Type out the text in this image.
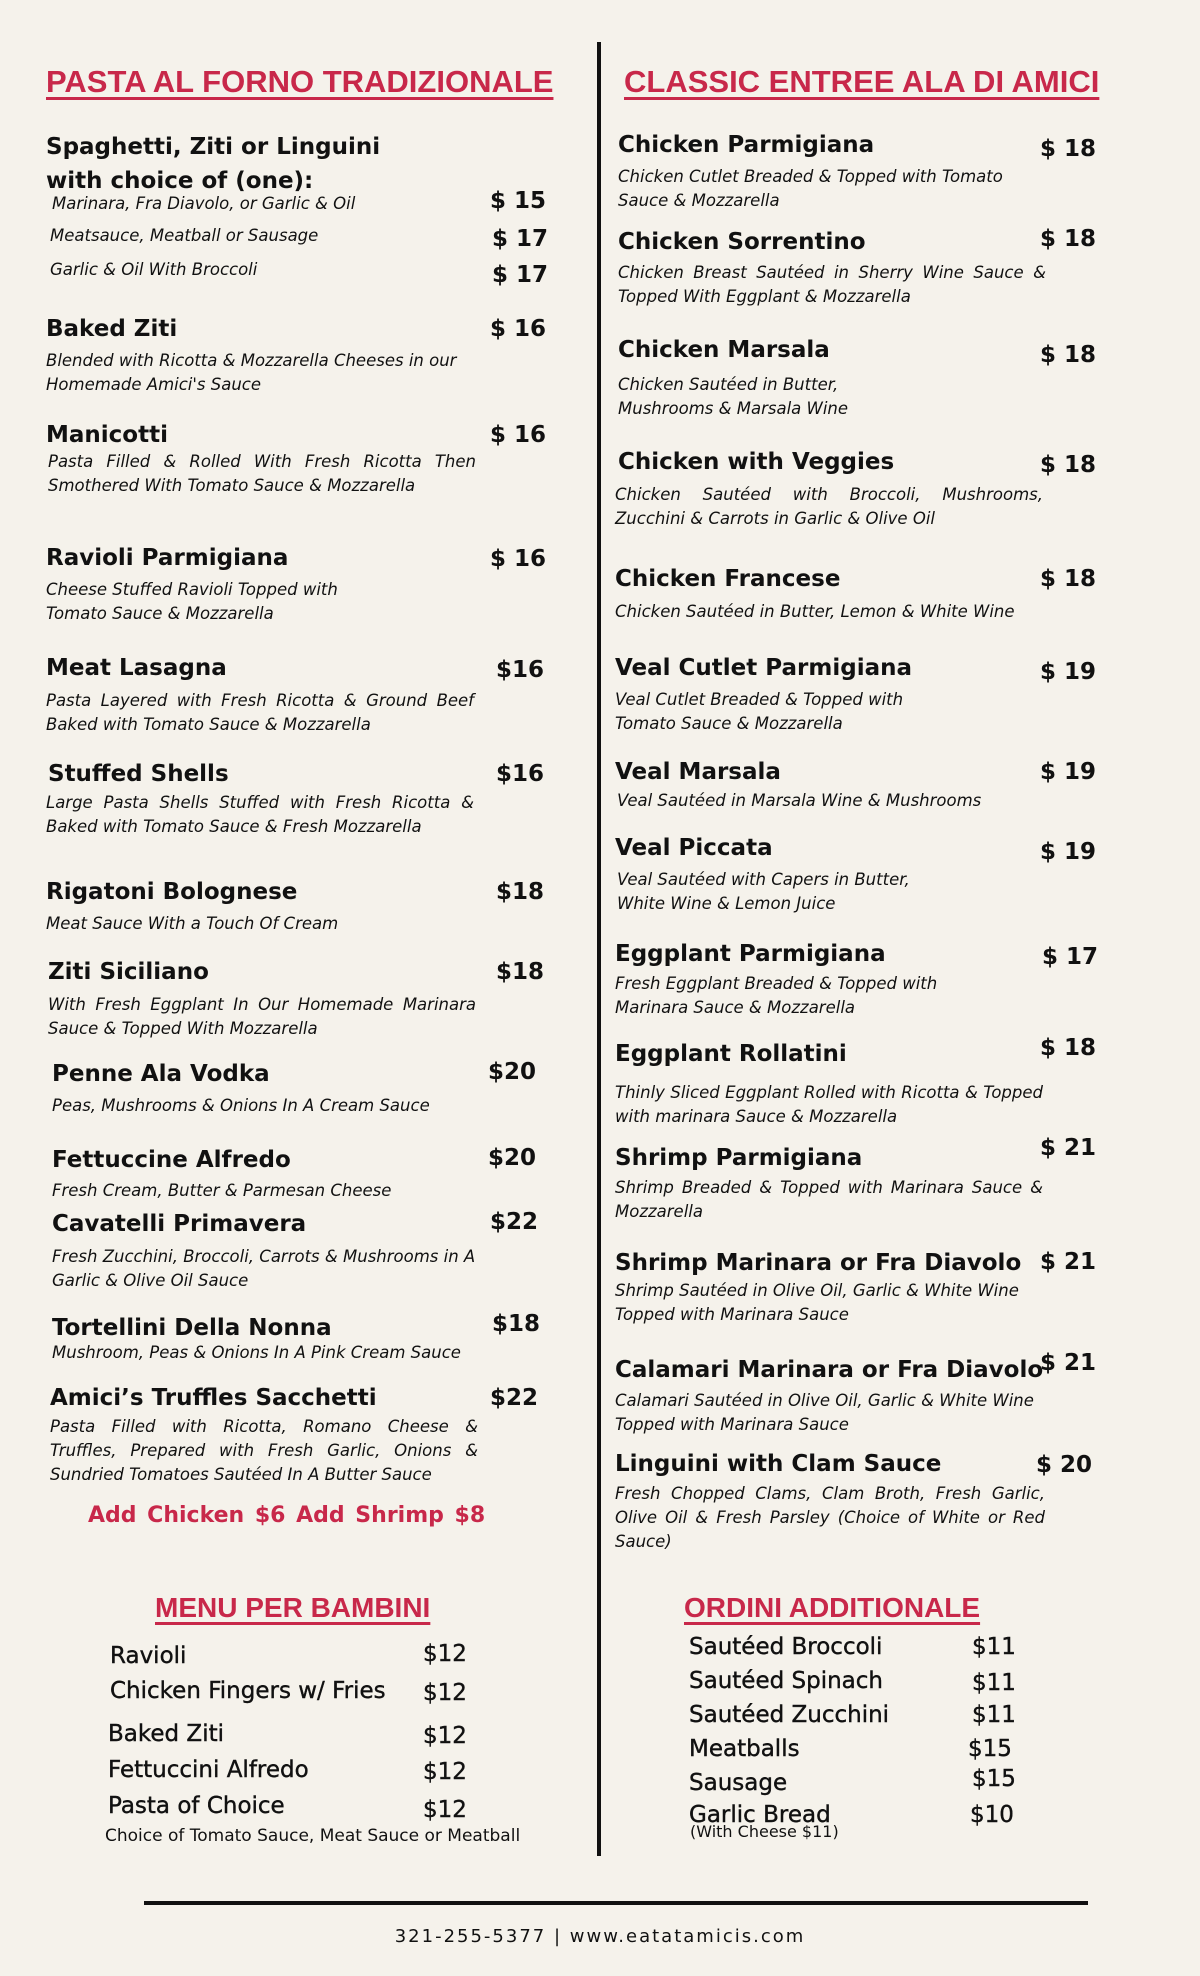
PASTA AL FORNO TRADIZIONALE CLASSIC ENTREE ALA DI AMICI
Spaghetti, Ziti or Linguini
with choice of (one):
Marinara, Fra Diavolo, or Garlic & Oil	$ 15
Meatsauce, Meatball or Sausage	$ 17
Garlic & Oil With Broccoli	$ 17
Baked Ziti	$ 16
Blended with Ricotta & Mozzarella Cheeses in our Homemade Amici's Sauce
Manicotti	$ 16
Pasta Filled & Rolled With Fresh Ricotta Then Smothered With Tomato Sauce & Mozzarella
Ravioli Parmigiana	$ 16
Cheese Stuffed Ravioli Topped with Tomato Sauce & Mozzarella
Meat Lasagna	$16
Pasta Layered with Fresh Ricotta & Ground Beef Baked with Tomato Sauce & Mozzarella
Stuffed Shells	$16
Large Pasta Shells Stuffed with Fresh Ricotta & Baked with Tomato Sauce & Fresh Mozzarella
Rigatoni Bolognese	$18
Meat Sauce With a Touch Of Cream
Ziti Siciliano	$18
With Fresh Eggplant In Our Homemade Marinara Sauce & Topped With Mozzarella
Penne Ala Vodka	$20
Peas, Mushrooms & Onions In A Cream Sauce
Fettuccine Alfredo	$20
Fresh Cream, Butter & Parmesan Cheese
Cavatelli Primavera	$22
Fresh Zucchini, Broccoli, Carrots & Mushrooms in A Garlic & Olive Oil Sauce
Tortellini Della Nonna	$18
Mushroom, Peas & Onions In A Pink Cream Sauce
Amici’s Truffles Sacchetti	$22
Pasta Filled with Ricotta, Romano Cheese & Truffles, Prepared with Fresh Garlic, Onions & Sundried Tomatoes Sautéed In A Butter Sauce
Add Chicken $6 Add Shrimp $8
Chicken Parmigiana	$ 18
Chicken Cutlet Breaded & Topped with Tomato Sauce & Mozzarella
Chicken Sorrentino	$ 18
Chicken Breast Sautéed in Sherry Wine Sauce & Topped With Eggplant & Mozzarella
Chicken Marsala	$ 18
Chicken Sautéed in Butter, Mushrooms & Marsala Wine
Chicken with Veggies	$ 18
Chicken Sautéed with Broccoli, Mushrooms, Zucchini & Carrots in Garlic & Olive Oil
Chicken Francese	$ 18
Chicken Sautéed in Butter, Lemon & White Wine
Veal Cutlet Parmigiana	$ 19
Veal Cutlet Breaded & Topped with Tomato Sauce & Mozzarella
Veal Marsala	$ 19
Veal Sautéed in Marsala Wine & Mushrooms
Veal Piccata	$ 19
Veal Sautéed with Capers in Butter, White Wine & Lemon Juice
Eggplant Parmigiana	$ 17
Fresh Eggplant Breaded & Topped with Marinara Sauce & Mozzarella
Eggplant Rollatini	$ 18
Thinly Sliced Eggplant Rolled with Ricotta & Topped with marinara Sauce & Mozzarella
Shrimp Parmigiana	$ 21
Shrimp Breaded & Topped with Marinara Sauce & Mozzarella
Shrimp Marinara or Fra Diavolo $ 21
Shrimp Sautéed in Olive Oil, Garlic & White Wine Topped with Marinara Sauce
Calamari Marinara or Fra Diavolo
$ 21
Calamari Sautéed in Olive Oil, Garlic & White Wine Topped with Marinara Sauce
Linguini with Clam Sauce	$ 20
Fresh Chopped Clams, Clam Broth, Fresh Garlic, Olive Oil & Fresh Parsley (Choice of White or Red Sauce)
MENU PER BAMBINI
Ravioli	$12
Chicken Fingers w/ Fries $12
Baked Ziti	$12
Fettuccini Alfredo	$12
Pasta of Choice	$12
Choice of Tomato Sauce, Meat Sauce or Meatball
ORDINI ADDITIONALE
Sautéed Broccoli	$11
Sautéed Spinach	$11
Sautéed Zucchini	$11
Meatballs	$15
Sausage	$15
Garlic Bread	$10
(With Cheese $11)
321-255-5377 | www.eatatamicis.com
